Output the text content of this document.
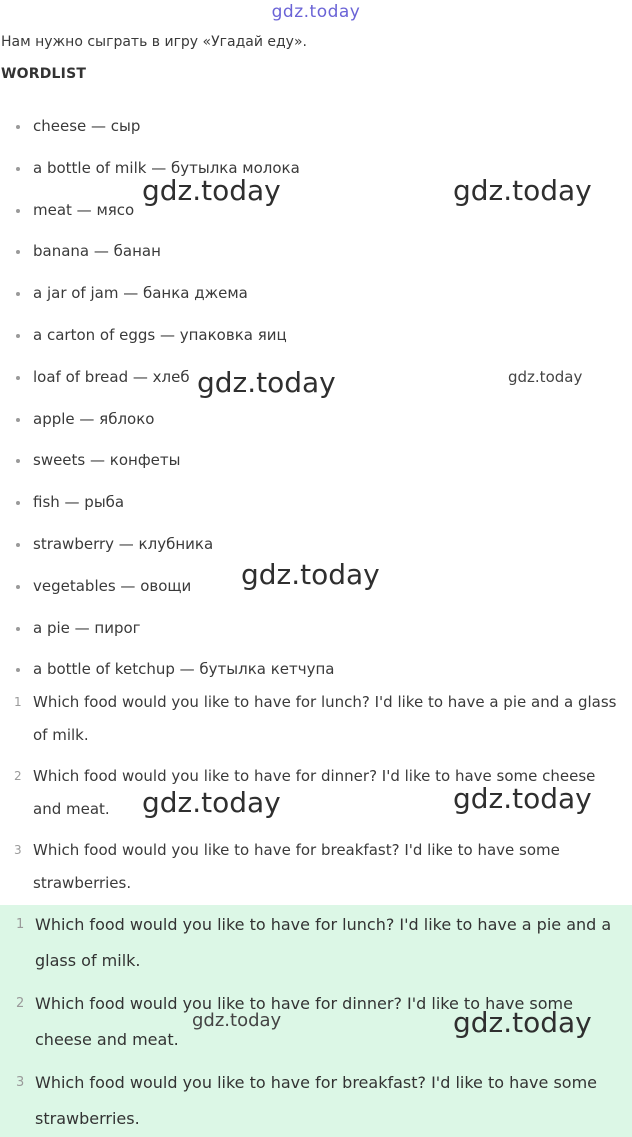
gdz.today
Нам нужно сыграть в игру «Угадай еду».
WORDLIST
cheese — сыр
a bottle of milk — бутылка молока
meat — мясо
banana — банан
a jar of jam — банка джема
a carton of eggs — упаковка яиц
loaf of bread — хлеб
apple — яблоко
sweets — конфеты
fish — рыба
strawberry — клубника
vegetables — овощи
a pie — пирог
a bottle of ketchup — бутылка кетчупа
1 Which food would you like to have for lunch? I'd like to have a pie and a glass of milk.
2 Which food would you like to have for dinner? I'd like to have some cheese and meat.
3 Which food would you like to have for breakfast? I'd like to have some strawberries.
1 Which food would you like to have for lunch? I'd like to have a pie and a glass of milk.
2 Which food would you like to have for dinner? I'd like to have some cheese and meat.
3 Which food would you like to have for breakfast? I'd like to have some strawberries.
gdz.today	gdz.today
gdz.today	gdz.today
gdz.today
gdz.today	gdz.today
gdz.today	gdz.today
